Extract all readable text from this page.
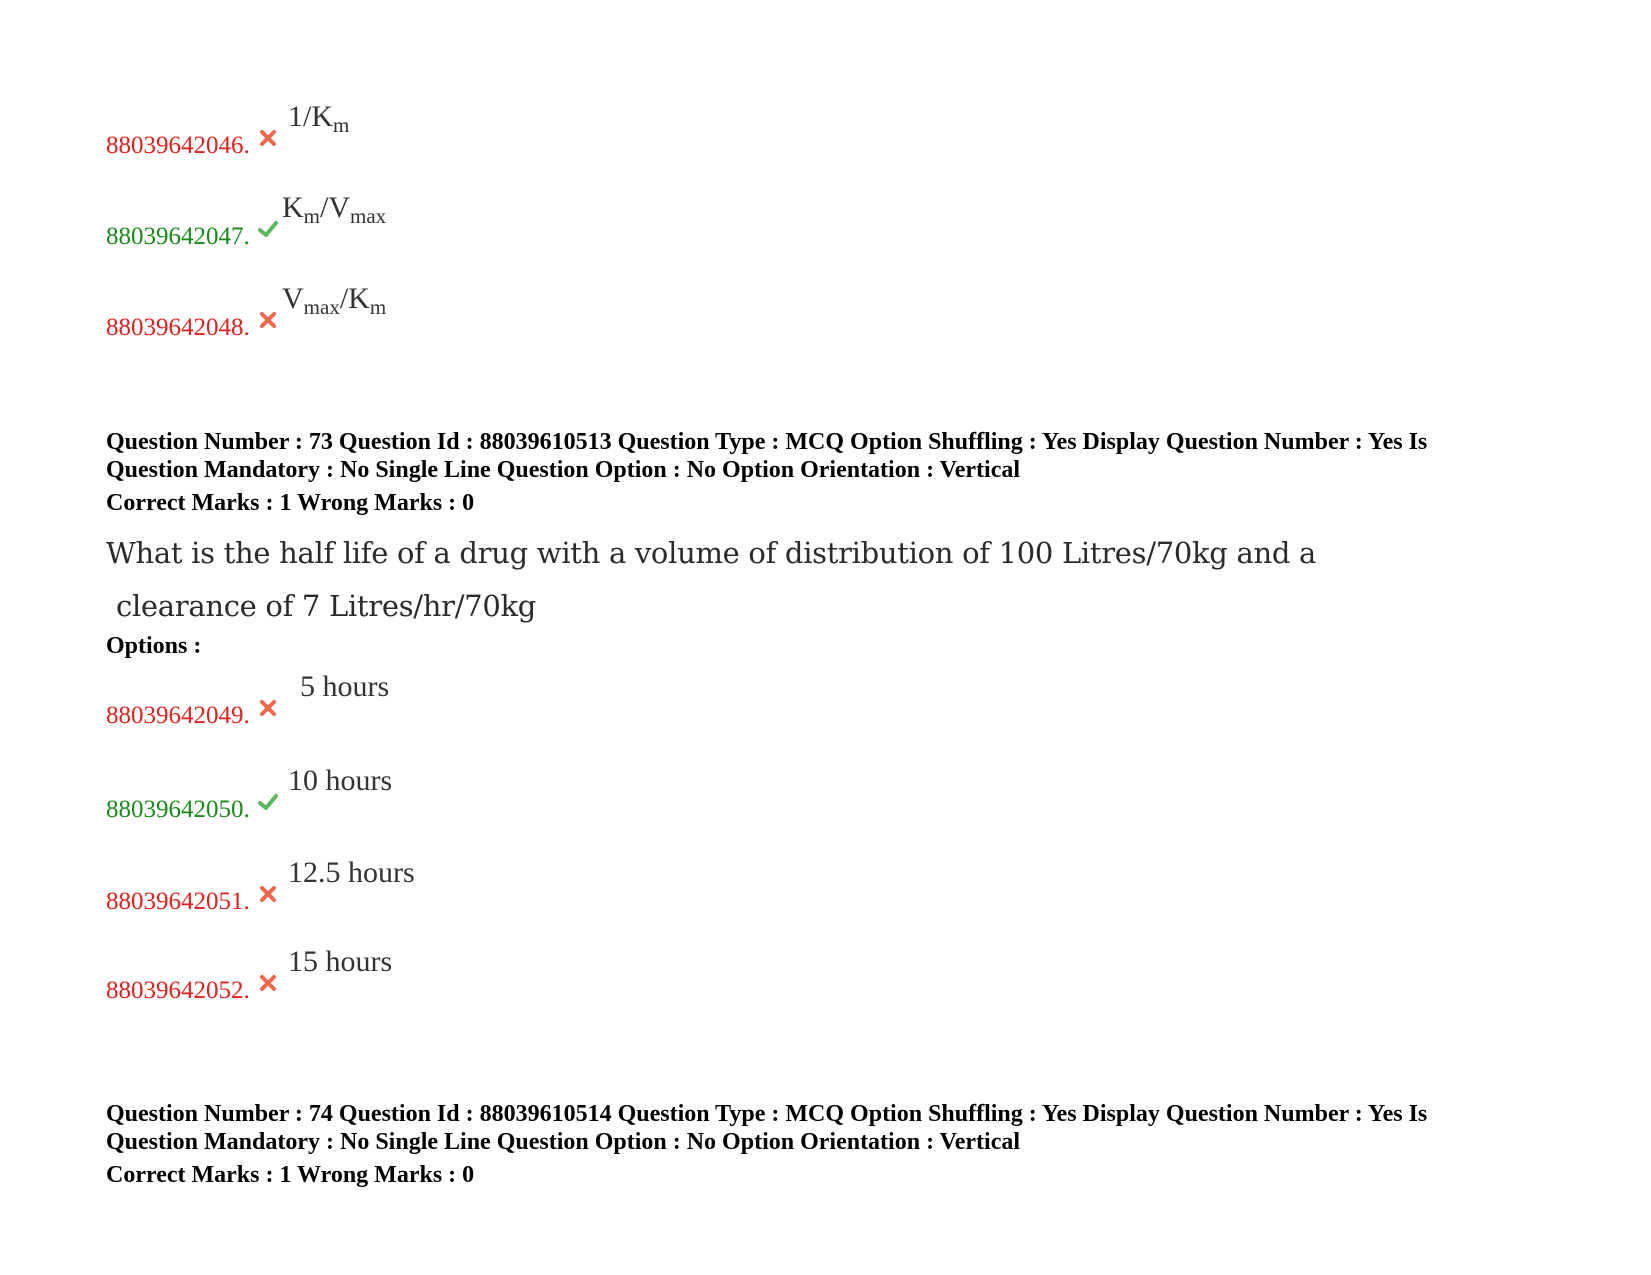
88039642046.
$1/K_m$
88039642047.
$K_m/V_{max}$
88039642048.
$V_{max}/K_m$
Question Number : 73 Question Id : 88039610513 Question Type : MCQ Option Shuffling : Yes Display Question Number : Yes Is
Question Mandatory : No Single Line Question Option : No Option Orientation : Vertical
Correct Marks : 1 Wrong Marks : 0
What is the half life of a drug with a volume of distribution of 100 Litres/70kg and a
clearance of 7 Litres/hr/70kg
Options :
88039642049.
5 hours
88039642050.
10 hours
88039642051.
12.5 hours
88039642052.
15 hours
Question Number : 74 Question Id : 88039610514 Question Type : MCQ Option Shuffling : Yes Display Question Number : Yes Is
Question Mandatory : No Single Line Question Option : No Option Orientation : Vertical
Correct Marks : 1 Wrong Marks : 0
